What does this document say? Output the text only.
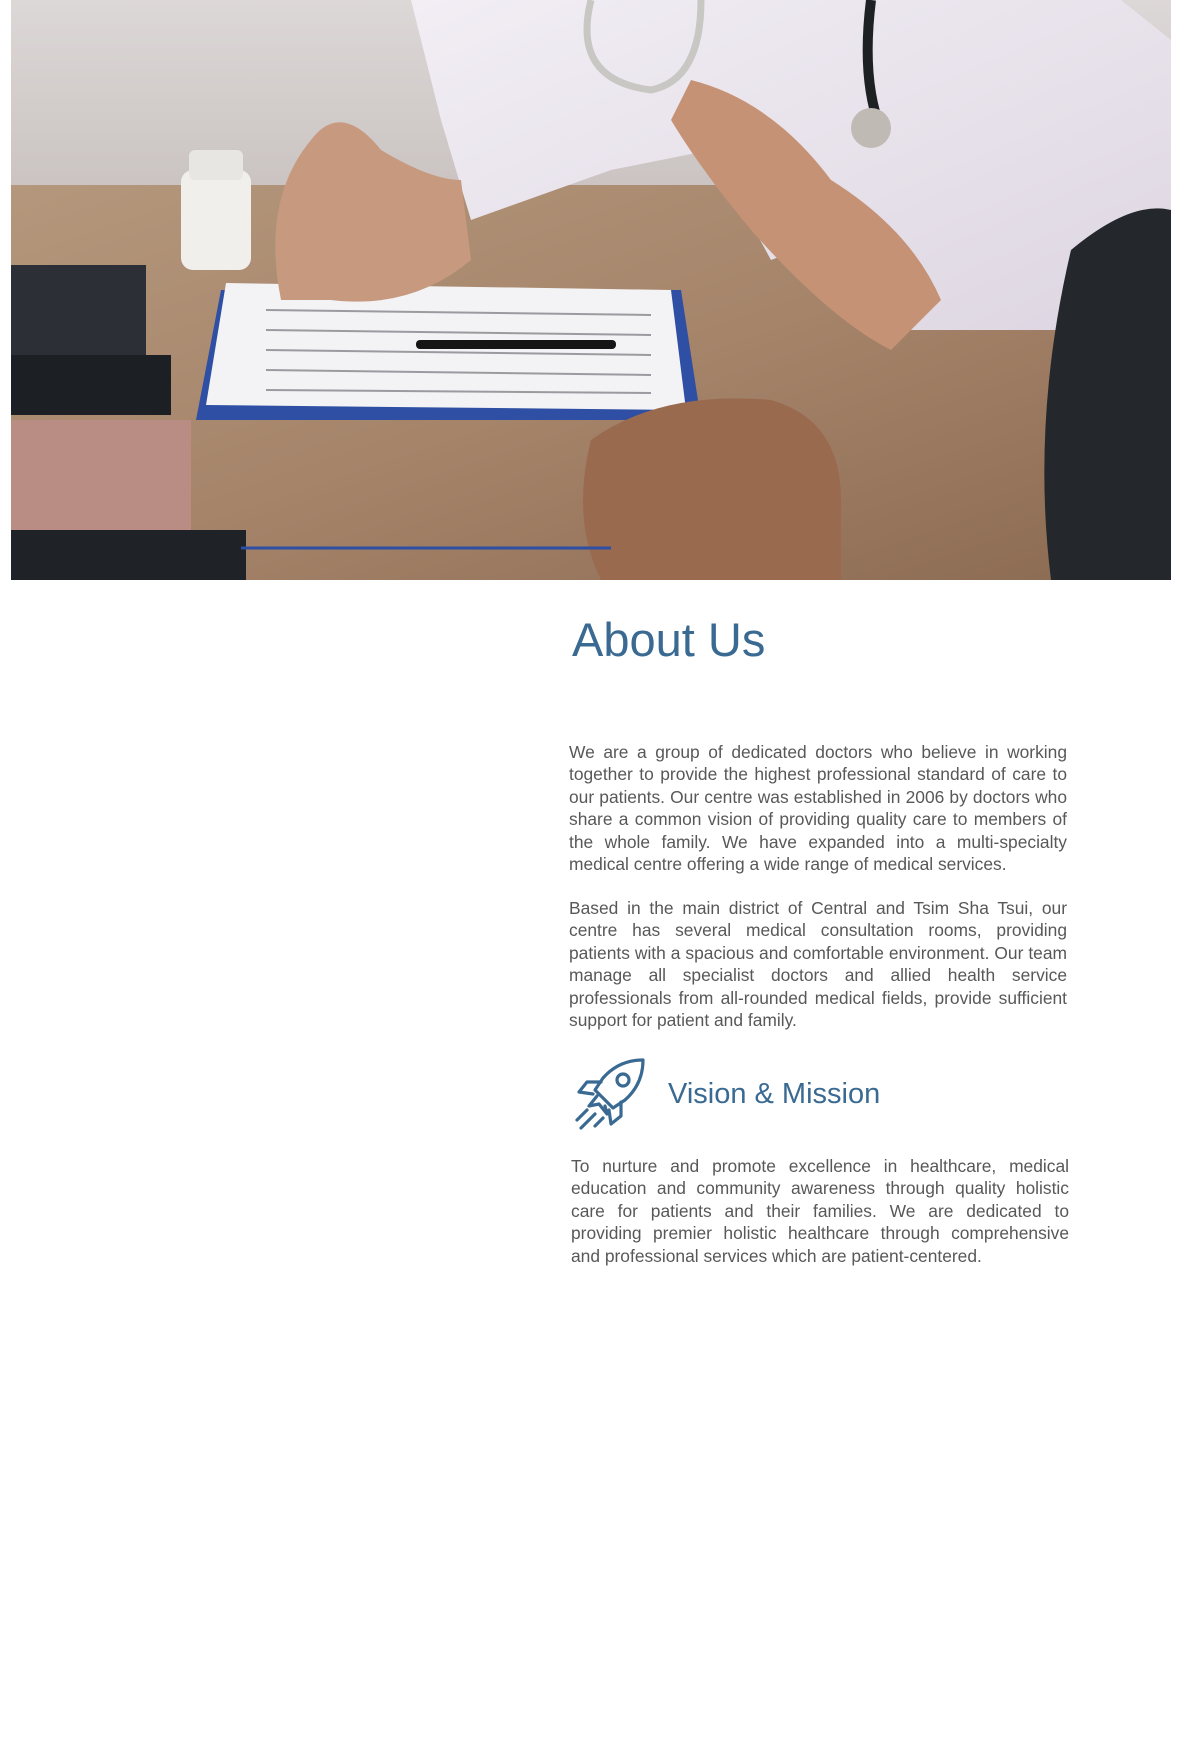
About Us

We are a group of dedicated doctors who believe in working together to provide the highest professional standard of care to our patients. Our centre was established in 2006 by doctors who share a common vision of providing quality care to members of the whole family. We have expanded into a multi-specialty medical centre offering a wide range of medical services.

Based in the main district of Central and Tsim Sha Tsui, our centre has several medical consultation rooms, providing patients with a spacious and comfortable environment. Our team manage all specialist doctors and allied health service professionals from all-rounded medical fields, provide sufficient support for patient and family.

Vision & Mission

To nurture and promote excellence in healthcare, medical education and community awareness through quality holistic care for patients and their families. We are dedicated to providing premier holistic healthcare through comprehensive and professional services which are patient-centered.
